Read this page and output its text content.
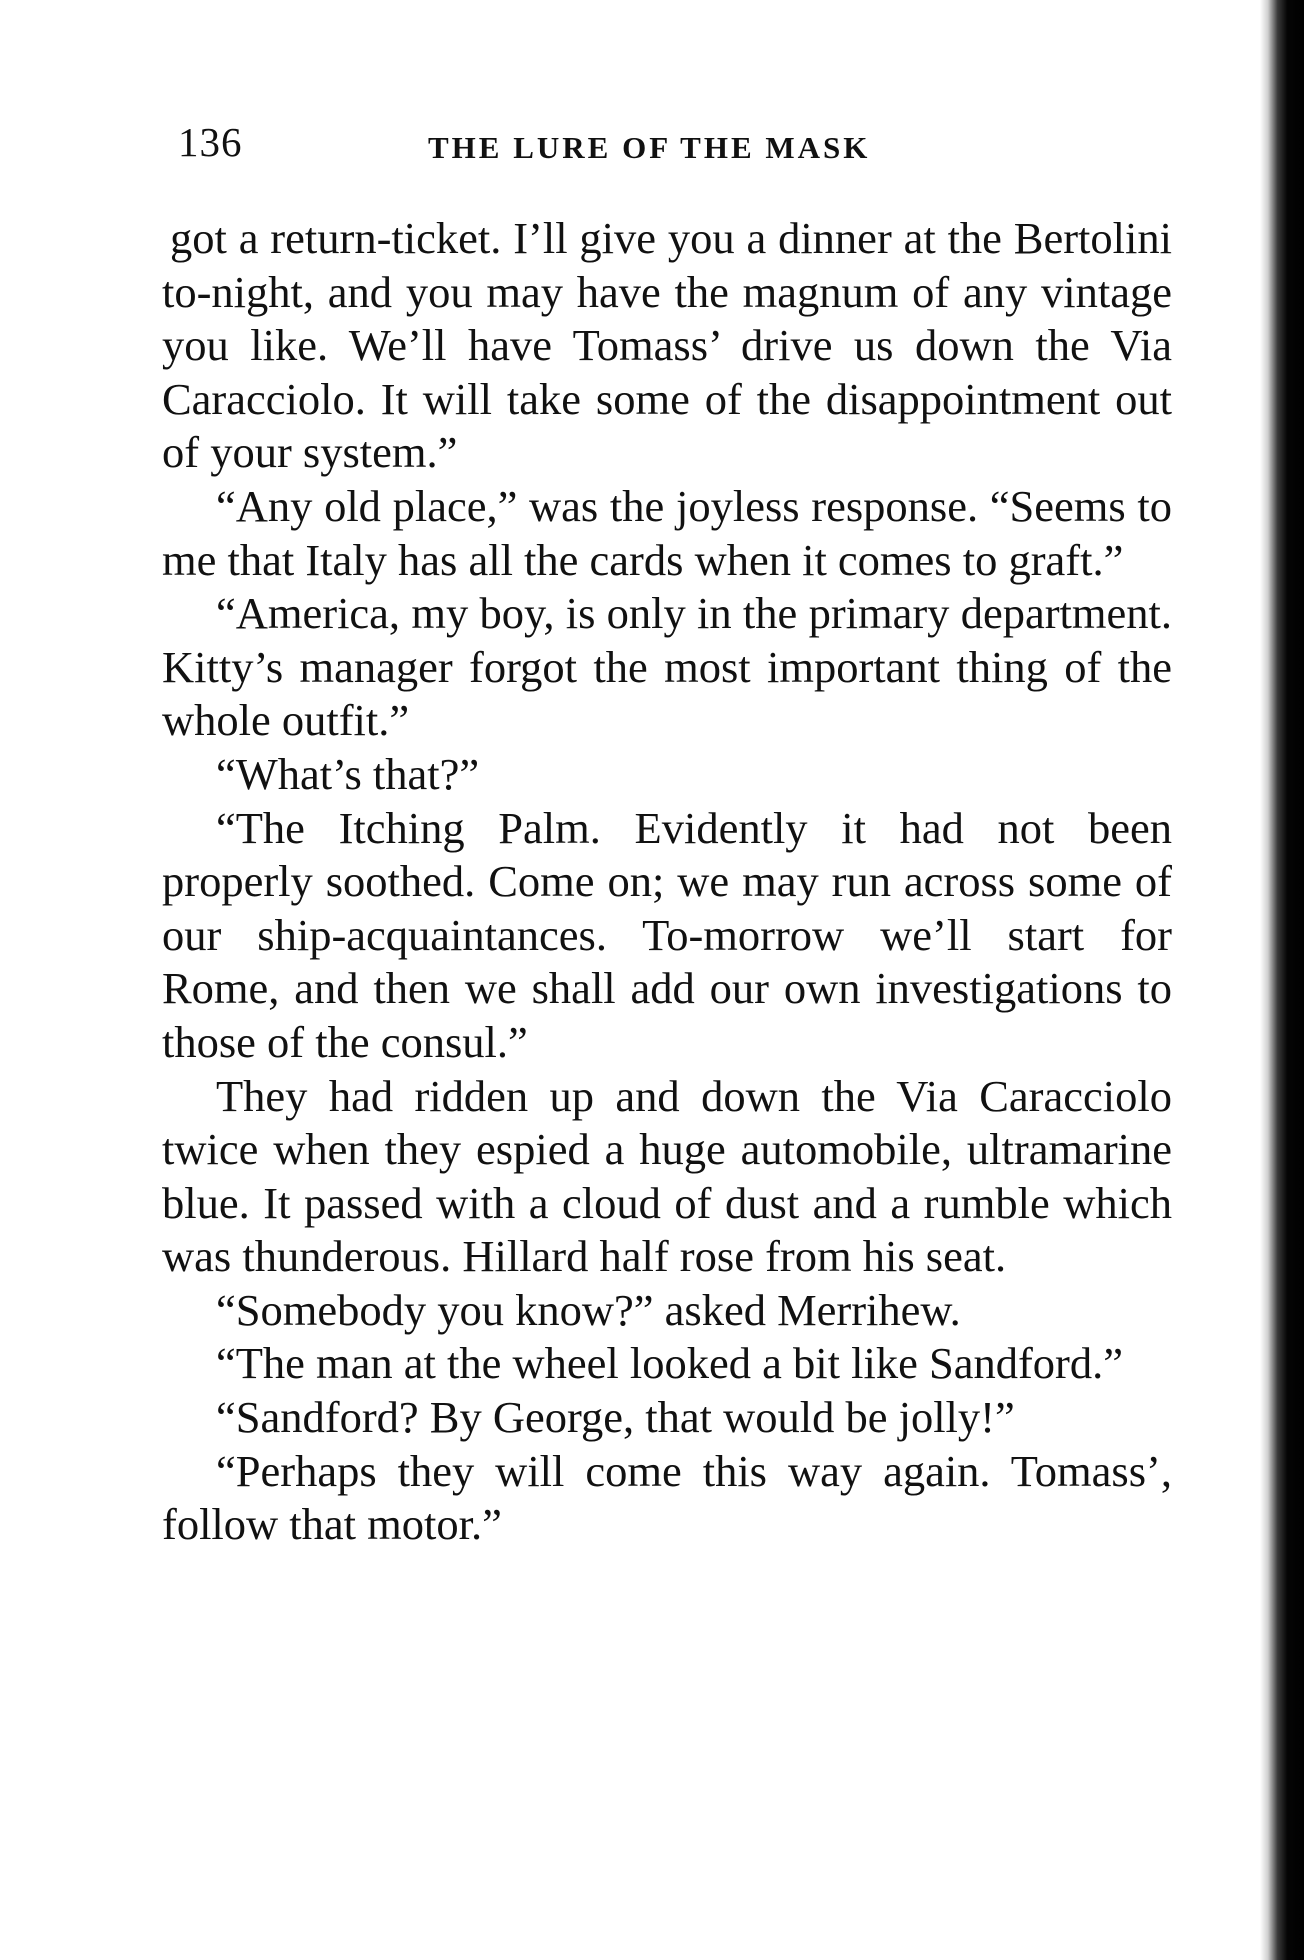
136	THE LURE OF THE MASK

got a return-ticket. I’ll give you a dinner at the Bertolini to-night, and you may have the magnum of any vintage you like. We’ll have Tomass’ drive us down the Via Caracciolo. It will take some of the disappointment out of your system.”

“Any old place,” was the joyless response. “Seems to me that Italy has all the cards when it comes to graft.”

“America, my boy, is only in the primary department. Kitty’s manager forgot the most important thing of the whole outfit.”

“What’s that?”

“The Itching Palm. Evidently it had not been properly soothed. Come on; we may run across some of our ship-acquaintances. To-morrow we’ll start for Rome, and then we shall add our own investigations to those of the consul.”

They had ridden up and down the Via Caracciolo twice when they espied a huge automobile, ultramarine blue. It passed with a cloud of dust and a rumble which was thunderous. Hillard half rose from his seat.

“Somebody you know?” asked Merrihew.

“The man at the wheel looked a bit like Sandford.”

“Sandford? By George, that would be jolly!”

“Perhaps they will come this way again. Tomass’, follow that motor.”
